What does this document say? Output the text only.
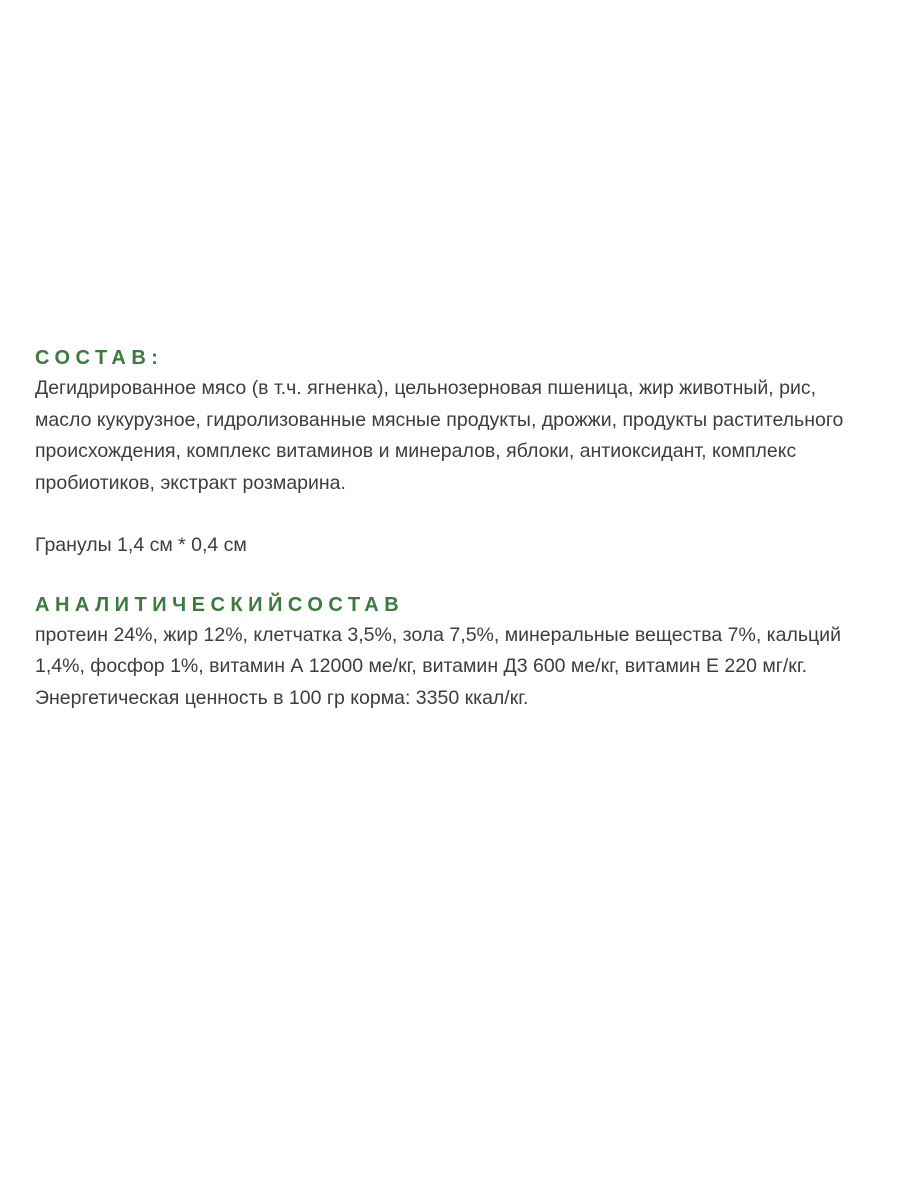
СОСТАВ:

Дегидрированное мясо (в т.ч. ягненка), цельнозерновая пшеница, жир животный, рис, масло кукурузное, гидролизованные мясные продукты, дрожжи, продукты растительного происхождения, комплекс витаминов и минералов, яблоки, антиоксидант, комплекс пробиотиков, экстракт розмарина.

Гранулы 1,4 см * 0,4 см

АНАЛИТИЧЕСКИЙСОСТАВ

протеин 24%, жир 12%, клетчатка 3,5%, зола 7,5%, минеральные вещества 7%, кальций 1,4%, фосфор 1%, витамин А 12000 ме/кг, витамин Д3 600 ме/кг, витамин Е 220 мг/кг. Энергетическая ценность в 100 гр корма: 3350 ккал/кг.
